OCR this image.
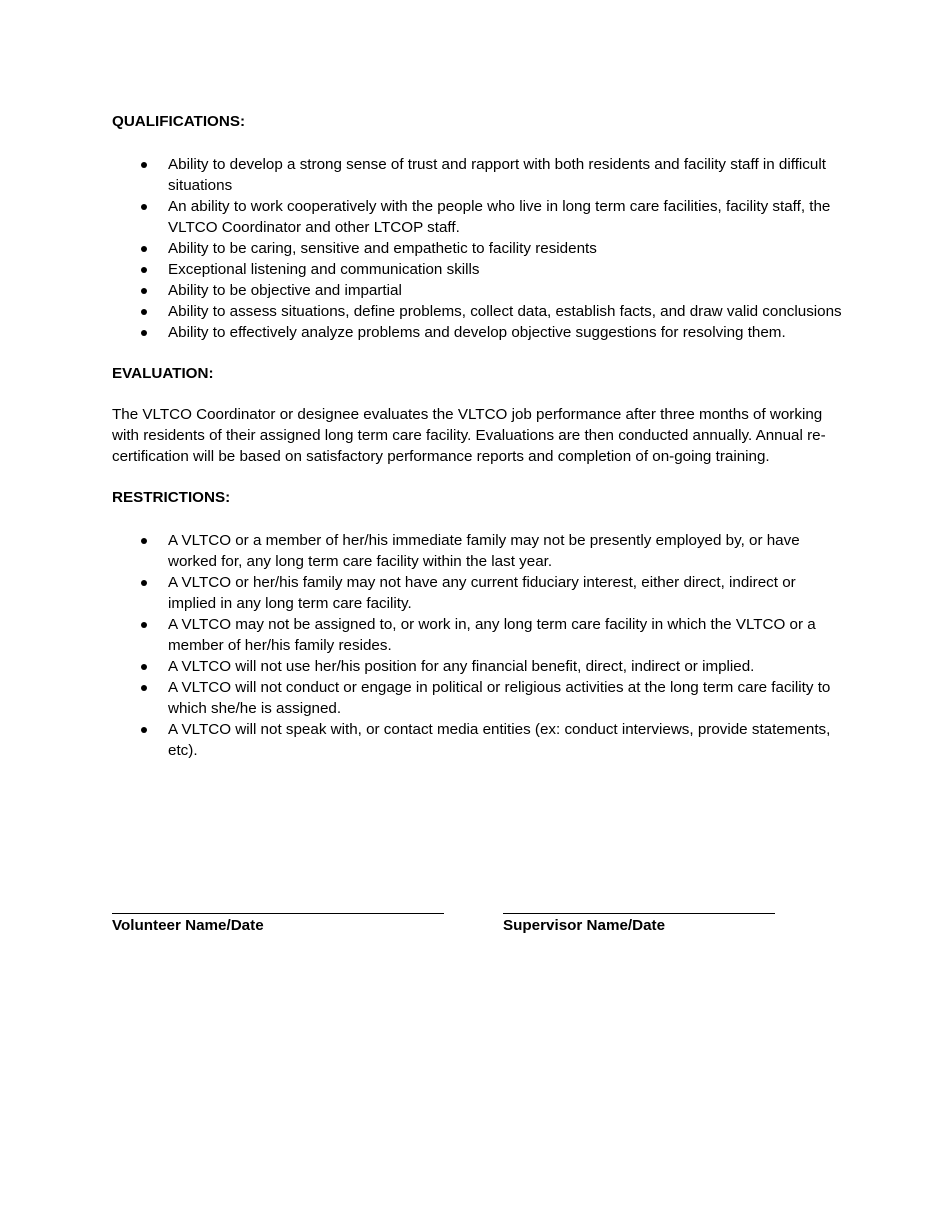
QUALIFICATIONS:
Ability to develop a strong sense of trust and rapport with both residents and facility staff in difficult situations
An ability to work cooperatively with the people who live in long term care facilities, facility staff, the VLTCO Coordinator and other LTCOP staff.
Ability to be caring, sensitive and empathetic to facility residents
Exceptional listening and communication skills
Ability to be objective and impartial
Ability to assess situations, define problems, collect data, establish facts, and draw valid conclusions
Ability to effectively analyze problems and develop objective suggestions for resolving them.
EVALUATION:

The VLTCO Coordinator or designee evaluates the VLTCO job performance after three months of working with residents of their assigned long term care facility. Evaluations are then conducted annually. Annual re-certification will be based on satisfactory performance reports and completion of on-going training.

RESTRICTIONS:
A VLTCO or a member of her/his immediate family may not be presently employed by, or have worked for, any long term care facility within the last year.
A VLTCO or her/his family may not have any current fiduciary interest, either direct, indirect or implied in any long term care facility.
A VLTCO may not be assigned to, or work in, any long term care facility in which the VLTCO or a member of her/his family resides.
A VLTCO will not use her/his position for any financial benefit, direct, indirect or implied.
A VLTCO will not conduct or engage in political or religious activities at the long term care facility to which she/he is assigned.
A VLTCO will not speak with, or contact media entities (ex: conduct interviews, provide statements, etc).
Volunteer Name/Date	Supervisor Name/Date
